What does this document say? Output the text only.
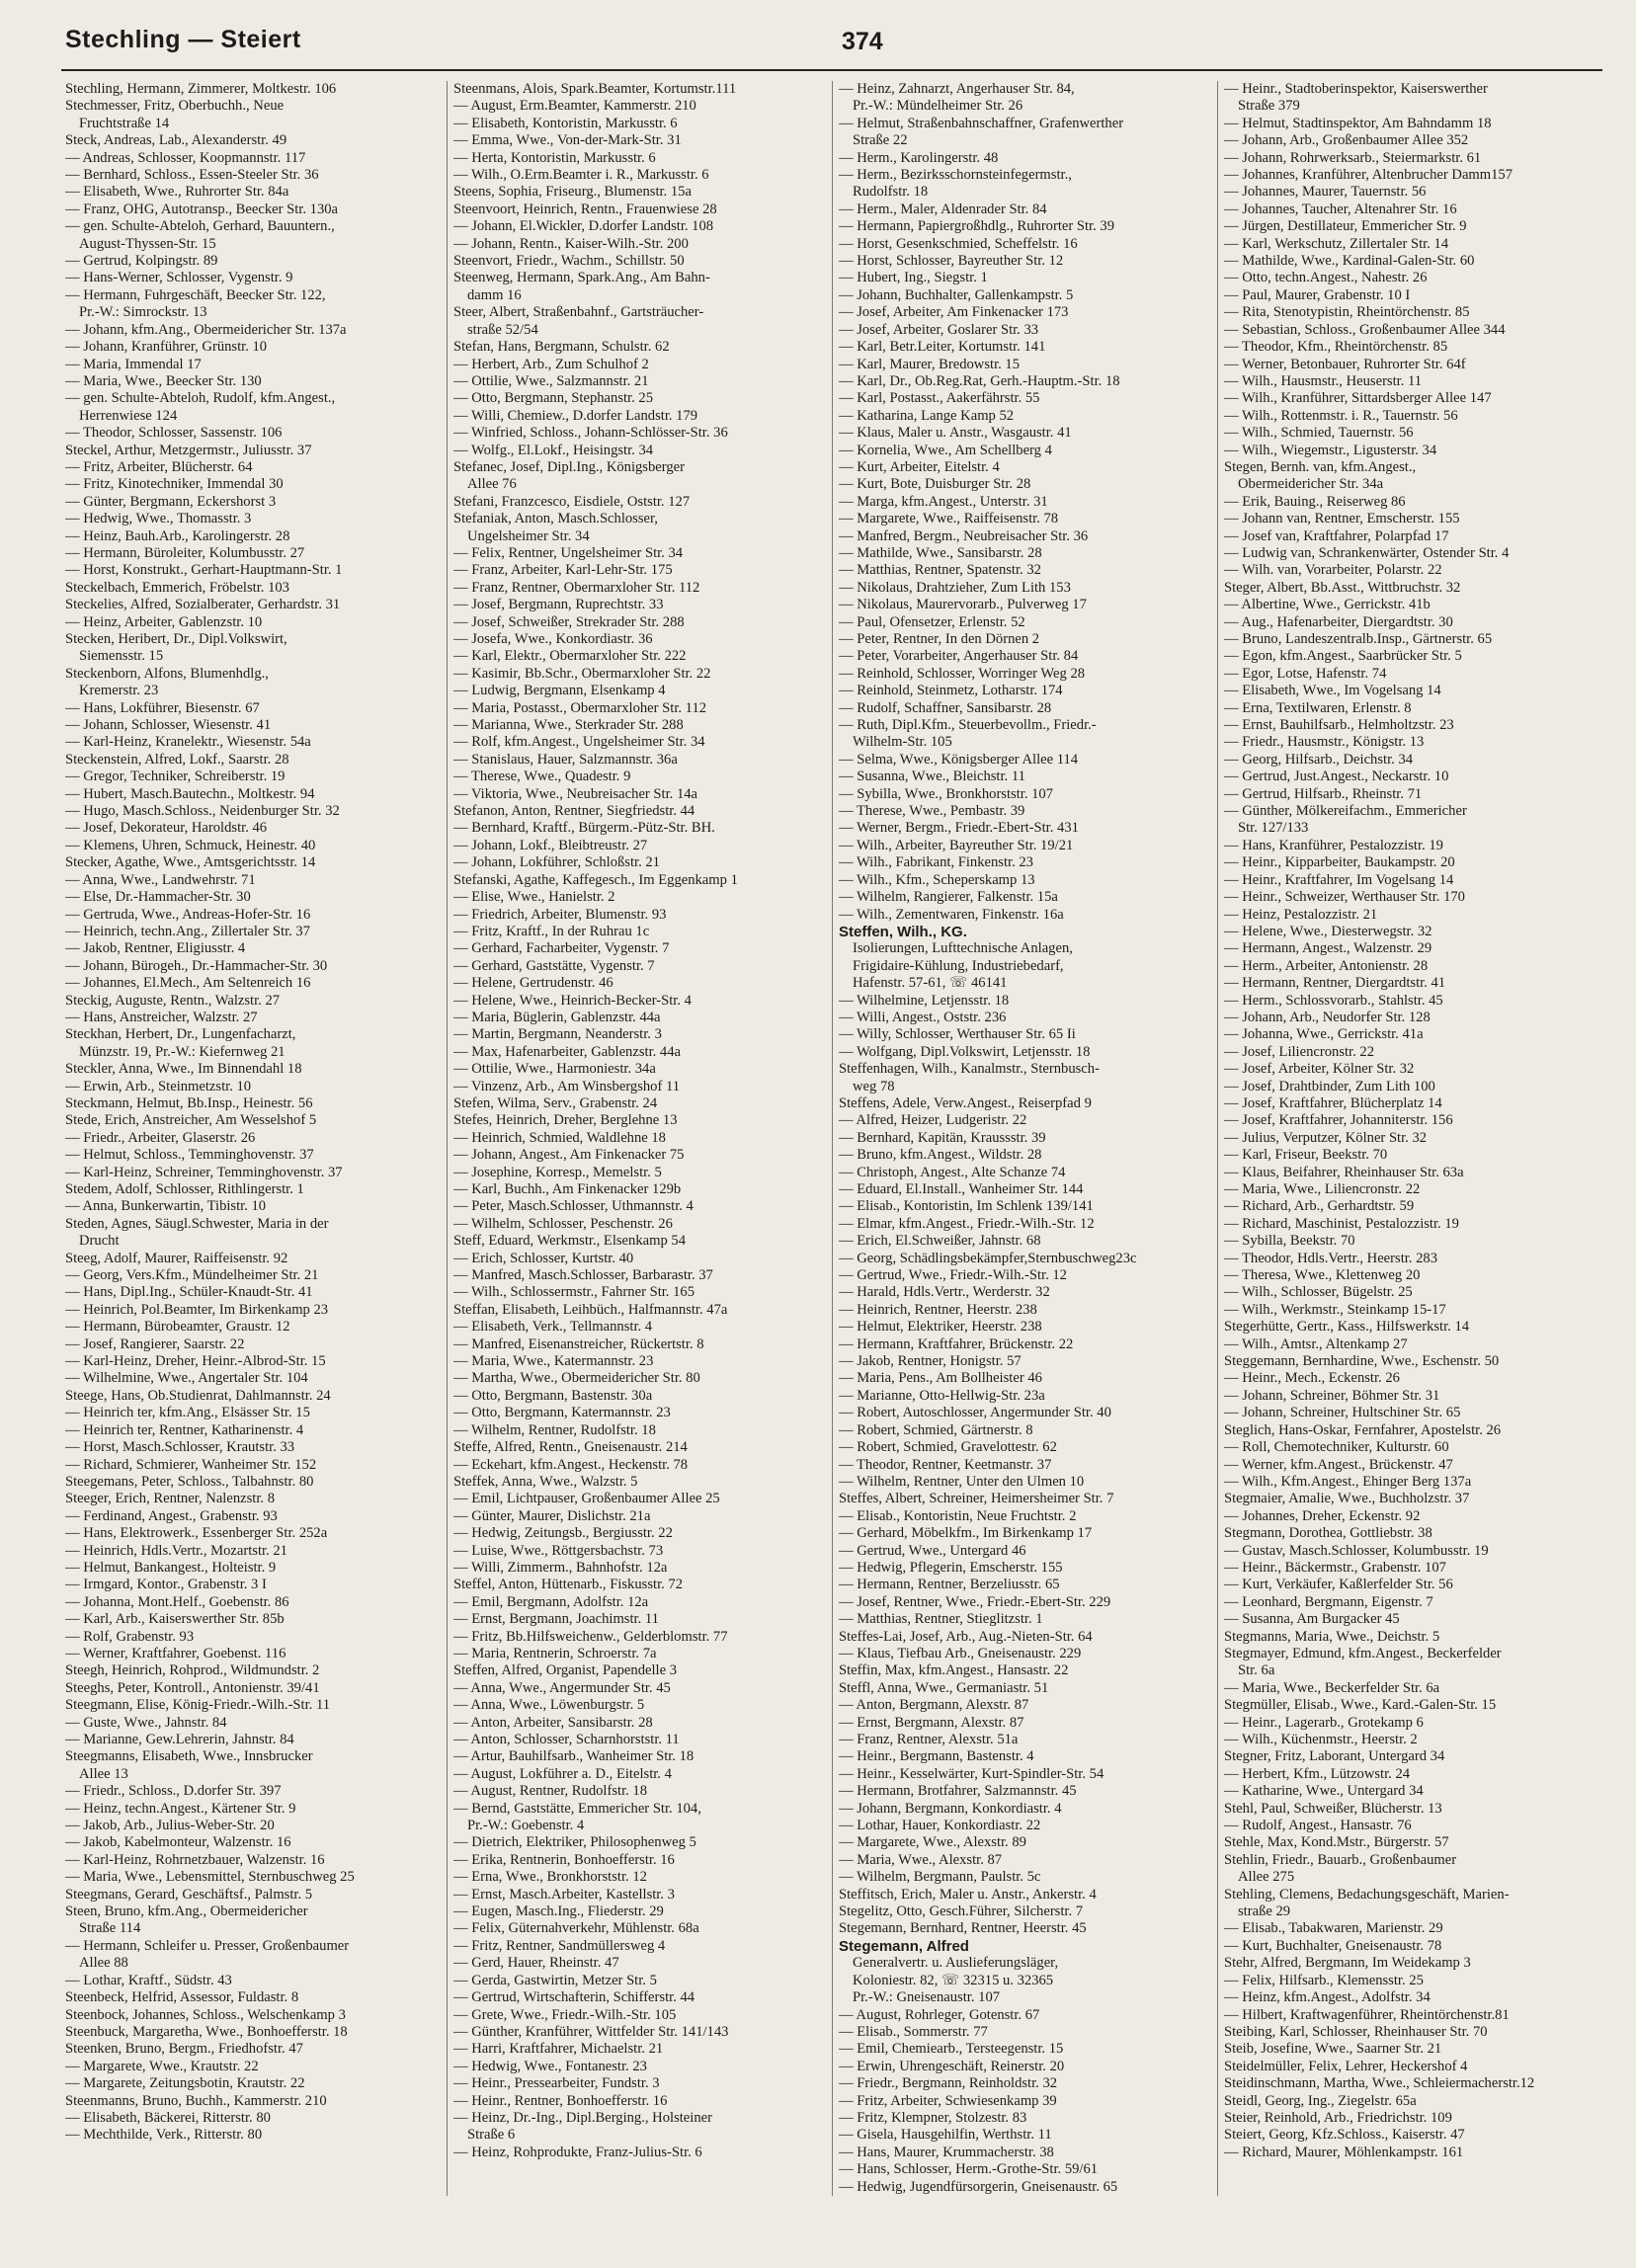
Stechling — Steiert	374
Stechling, Hermann, Zimmerer, Moltkestr. 106
Stechmesser, Fritz, Oberbuchh., Neue
Fruchtstraße 14
Steck, Andreas, Lab., Alexanderstr. 49
— Andreas, Schlosser, Koopmannstr. 117
— Bernhard, Schloss., Essen-Steeler Str. 36
— Elisabeth, Wwe., Ruhrorter Str. 84a
— Franz, OHG, Autotransp., Beecker Str. 130a
— gen. Schulte-Abteloh, Gerhard, Bauuntern.,
August-Thyssen-Str. 15
— Gertrud, Kolpingstr. 89
— Hans-Werner, Schlosser, Vygenstr. 9
— Hermann, Fuhrgeschäft, Beecker Str. 122,
Pr.-W.: Simrockstr. 13
— Johann, kfm.Ang., Obermeidericher Str. 137a
— Johann, Kranführer, Grünstr. 10
— Maria, Immendal 17
— Maria, Wwe., Beecker Str. 130
— gen. Schulte-Abteloh, Rudolf, kfm.Angest.,
Herrenwiese 124
— Theodor, Schlosser, Sassenstr. 106
Steckel, Arthur, Metzgermstr., Juliusstr. 37
— Fritz, Arbeiter, Blücherstr. 64
— Fritz, Kinotechniker, Immendal 30
— Günter, Bergmann, Eckershorst 3
— Hedwig, Wwe., Thomasstr. 3
— Heinz, Bauh.Arb., Karolingerstr. 28
— Hermann, Büroleiter, Kolumbusstr. 27
— Horst, Konstrukt., Gerhart-Hauptmann-Str. 1
Steckelbach, Emmerich, Fröbelstr. 103
Steckelies, Alfred, Sozialberater, Gerhardstr. 31
— Heinz, Arbeiter, Gablenzstr. 10
Stecken, Heribert, Dr., Dipl.Volkswirt,
Siemensstr. 15
Steckenborn, Alfons, Blumenhdlg.,
Kremerstr. 23
— Hans, Lokführer, Biesenstr. 67
— Johann, Schlosser, Wiesenstr. 41
— Karl-Heinz, Kranelektr., Wiesenstr. 54a
Steckenstein, Alfred, Lokf., Saarstr. 28
— Gregor, Techniker, Schreiberstr. 19
— Hubert, Masch.Bautechn., Moltkestr. 94
— Hugo, Masch.Schloss., Neidenburger Str. 32
— Josef, Dekorateur, Haroldstr. 46
— Klemens, Uhren, Schmuck, Heinestr. 40
Stecker, Agathe, Wwe., Amtsgerichtsstr. 14
— Anna, Wwe., Landwehrstr. 71
— Else, Dr.-Hammacher-Str. 30
— Gertruda, Wwe., Andreas-Hofer-Str. 16
— Heinrich, techn.Ang., Zillertaler Str. 37
— Jakob, Rentner, Eligiusstr. 4
— Johann, Bürogeh., Dr.-Hammacher-Str. 30
— Johannes, El.Mech., Am Seltenreich 16
Steckig, Auguste, Rentn., Walzstr. 27
— Hans, Anstreicher, Walzstr. 27
Steckhan, Herbert, Dr., Lungenfacharzt,
Münzstr. 19, Pr.-W.: Kiefernweg 21
Steckler, Anna, Wwe., Im Binnendahl 18
— Erwin, Arb., Steinmetzstr. 10
Steckmann, Helmut, Bb.Insp., Heinestr. 56
Stede, Erich, Anstreicher, Am Wesselshof 5
— Friedr., Arbeiter, Glaserstr. 26
— Helmut, Schloss., Temminghovenstr. 37
— Karl-Heinz, Schreiner, Temminghovenstr. 37
Stedem, Adolf, Schlosser, Rithlingerstr. 1
— Anna, Bunkerwartin, Tibistr. 10
Steden, Agnes, Säugl.Schwester, Maria in der
Drucht
Steeg, Adolf, Maurer, Raiffeisenstr. 92
— Georg, Vers.Kfm., Mündelheimer Str. 21
— Hans, Dipl.Ing., Schüler-Knaudt-Str. 41
— Heinrich, Pol.Beamter, Im Birkenkamp 23
— Hermann, Bürobeamter, Graustr. 12
— Josef, Rangierer, Saarstr. 22
— Karl-Heinz, Dreher, Heinr.-Albrod-Str. 15
— Wilhelmine, Wwe., Angertaler Str. 104
Steege, Hans, Ob.Studienrat, Dahlmannstr. 24
— Heinrich ter, kfm.Ang., Elsässer Str. 15
— Heinrich ter, Rentner, Katharinenstr. 4
— Horst, Masch.Schlosser, Krautstr. 33
— Richard, Schmierer, Wanheimer Str. 152
Steegemans, Peter, Schloss., Talbahnstr. 80
Steeger, Erich, Rentner, Nalenzstr. 8
— Ferdinand, Angest., Grabenstr. 93
— Hans, Elektrowerk., Essenberger Str. 252a
— Heinrich, Hdls.Vertr., Mozartstr. 21
— Helmut, Bankangest., Holteistr. 9
— Irmgard, Kontor., Grabenstr. 3 I
— Johanna, Mont.Helf., Goebenstr. 86
— Karl, Arb., Kaiserswerther Str. 85b
— Rolf, Grabenstr. 93
— Werner, Kraftfahrer, Goebenst. 116
Steegh, Heinrich, Rohprod., Wildmundstr. 2
Steeghs, Peter, Kontroll., Antonienstr. 39/41
Steegmann, Elise, König-Friedr.-Wilh.-Str. 11
— Guste, Wwe., Jahnstr. 84
— Marianne, Gew.Lehrerin, Jahnstr. 84
Steegmanns, Elisabeth, Wwe., Innsbrucker
Allee 13
— Friedr., Schloss., D.dorfer Str. 397
— Heinz, techn.Angest., Kärtener Str. 9
— Jakob, Arb., Julius-Weber-Str. 20
— Jakob, Kabelmonteur, Walzenstr. 16
— Karl-Heinz, Rohrnetzbauer, Walzenstr. 16
— Maria, Wwe., Lebensmittel, Sternbuschweg 25
Steegmans, Gerard, Geschäftsf., Palmstr. 5
Steen, Bruno, kfm.Ang., Obermeidericher
Straße 114
— Hermann, Schleifer u. Presser, Großenbaumer
Allee 88
— Lothar, Kraftf., Südstr. 43
Steenbeck, Helfrid, Assessor, Fuldastr. 8
Steenbock, Johannes, Schloss., Welschenkamp 3
Steenbuck, Margaretha, Wwe., Bonhoefferstr. 18
Steenken, Bruno, Bergm., Friedhofstr. 47
— Margarete, Wwe., Krautstr. 22
— Margarete, Zeitungsbotin, Krautstr. 22
Steenmanns, Bruno, Buchh., Kammerstr. 210
— Elisabeth, Bäckerei, Ritterstr. 80
— Mechthilde, Verk., Ritterstr. 80
Steenmans, Alois, Spark.Beamter, Kortumstr.111
— August, Erm.Beamter, Kammerstr. 210
— Elisabeth, Kontoristin, Markusstr. 6
— Emma, Wwe., Von-der-Mark-Str. 31
— Herta, Kontoristin, Markusstr. 6
— Wilh., O.Erm.Beamter i. R., Markusstr. 6
Steens, Sophia, Friseurg., Blumenstr. 15a
Steenvoort, Heinrich, Rentn., Frauenwiese 28
— Johann, El.Wickler, D.dorfer Landstr. 108
— Johann, Rentn., Kaiser-Wilh.-Str. 200
Steenvort, Friedr., Wachm., Schillstr. 50
Steenweg, Hermann, Spark.Ang., Am Bahn-
damm 16
Steer, Albert, Straßenbahnf., Gartsträucher-
straße 52/54
Stefan, Hans, Bergmann, Schulstr. 62
— Herbert, Arb., Zum Schulhof 2
— Ottilie, Wwe., Salzmannstr. 21
— Otto, Bergmann, Stephanstr. 25
— Willi, Chemiew., D.dorfer Landstr. 179
— Winfried, Schloss., Johann-Schlösser-Str. 36
— Wolfg., El.Lokf., Heisingstr. 34
Stefanec, Josef, Dipl.Ing., Königsberger
Allee 76
Stefani, Franzcesco, Eisdiele, Oststr. 127
Stefaniak, Anton, Masch.Schlosser,
Ungelsheimer Str. 34
— Felix, Rentner, Ungelsheimer Str. 34
— Franz, Arbeiter, Karl-Lehr-Str. 175
— Franz, Rentner, Obermarxloher Str. 112
— Josef, Bergmann, Ruprechtstr. 33
— Josef, Schweißer, Strekrader Str. 288
— Josefa, Wwe., Konkordiastr. 36
— Karl, Elektr., Obermarxloher Str. 222
— Kasimir, Bb.Schr., Obermarxloher Str. 22
— Ludwig, Bergmann, Elsenkamp 4
— Maria, Postasst., Obermarxloher Str. 112
— Marianna, Wwe., Sterkrader Str. 288
— Rolf, kfm.Angest., Ungelsheimer Str. 34
— Stanislaus, Hauer, Salzmannstr. 36a
— Therese, Wwe., Quadestr. 9
— Viktoria, Wwe., Neubreisacher Str. 14a
Stefanon, Anton, Rentner, Siegfriedstr. 44
— Bernhard, Kraftf., Bürgerm.-Pütz-Str. BH.
— Johann, Lokf., Bleibtreustr. 27
— Johann, Lokführer, Schloßstr. 21
Stefanski, Agathe, Kaffegesch., Im Eggenkamp 1
— Elise, Wwe., Hanielstr. 2
— Friedrich, Arbeiter, Blumenstr. 93
— Fritz, Kraftf., In der Ruhrau 1c
— Gerhard, Facharbeiter, Vygenstr. 7
— Gerhard, Gaststätte, Vygenstr. 7
— Helene, Gertrudenstr. 46
— Helene, Wwe., Heinrich-Becker-Str. 4
— Maria, Büglerin, Gablenzstr. 44a
— Martin, Bergmann, Neanderstr. 3
— Max, Hafenarbeiter, Gablenzstr. 44a
— Ottilie, Wwe., Harmoniestr. 34a
— Vinzenz, Arb., Am Winsbergshof 11
Stefen, Wilma, Serv., Grabenstr. 24
Stefes, Heinrich, Dreher, Berglehne 13
— Heinrich, Schmied, Waldlehne 18
— Johann, Angest., Am Finkenacker 75
— Josephine, Korresp., Memelstr. 5
— Karl, Buchh., Am Finkenacker 129b
— Peter, Masch.Schlosser, Uthmannstr. 4
— Wilhelm, Schlosser, Peschenstr. 26
Steff, Eduard, Werkmstr., Elsenkamp 54
— Erich, Schlosser, Kurtstr. 40
— Manfred, Masch.Schlosser, Barbarastr. 37
— Wilh., Schlossermstr., Fahrner Str. 165
Steffan, Elisabeth, Leihbüch., Halfmannstr. 47a
— Elisabeth, Verk., Tellmannstr. 4
— Manfred, Eisenanstreicher, Rückertstr. 8
— Maria, Wwe., Katermannstr. 23
— Martha, Wwe., Obermeidericher Str. 80
— Otto, Bergmann, Bastenstr. 30a
— Otto, Bergmann, Katermannstr. 23
— Wilhelm, Rentner, Rudolfstr. 18
Steffe, Alfred, Rentn., Gneisenaustr. 214
— Eckehart, kfm.Angest., Heckenstr. 78
Steffek, Anna, Wwe., Walzstr. 5
— Emil, Lichtpauser, Großenbaumer Allee 25
— Günter, Maurer, Dislichstr. 21a
— Hedwig, Zeitungsb., Bergiusstr. 22
— Luise, Wwe., Röttgersbachstr. 73
— Willi, Zimmerm., Bahnhofstr. 12a
Steffel, Anton, Hüttenarb., Fiskusstr. 72
— Emil, Bergmann, Adolfstr. 12a
— Ernst, Bergmann, Joachimstr. 11
— Fritz, Bb.Hilfsweichenw., Gelderblomstr. 77
— Maria, Rentnerin, Schroerstr. 7a
Steffen, Alfred, Organist, Papendelle 3
— Anna, Wwe., Angermunder Str. 45
— Anna, Wwe., Löwenburgstr. 5
— Anton, Arbeiter, Sansibarstr. 28
— Anton, Schlosser, Scharnhorststr. 11
— Artur, Bauhilfsarb., Wanheimer Str. 18
— August, Lokführer a. D., Eitelstr. 4
— August, Rentner, Rudolfstr. 18
— Bernd, Gaststätte, Emmericher Str. 104,
Pr.-W.: Goebenstr. 4
— Dietrich, Elektriker, Philosophenweg 5
— Erika, Rentnerin, Bonhoefferstr. 16
— Erna, Wwe., Bronkhorststr. 12
— Ernst, Masch.Arbeiter, Kastellstr. 3
— Eugen, Masch.Ing., Fliederstr. 29
— Felix, Güternahverkehr, Mühlenstr. 68a
— Fritz, Rentner, Sandmüllersweg 4
— Gerd, Hauer, Rheinstr. 47
— Gerda, Gastwirtin, Metzer Str. 5
— Gertrud, Wirtschafterin, Schifferstr. 44
— Grete, Wwe., Friedr.-Wilh.-Str. 105
— Günther, Kranführer, Wittfelder Str. 141/143
— Harri, Kraftfahrer, Michaelstr. 21
— Hedwig, Wwe., Fontanestr. 23
— Heinr., Pressearbeiter, Fundstr. 3
— Heinr., Rentner, Bonhoefferstr. 16
— Heinz, Dr.-Ing., Dipl.Berging., Holsteiner
Straße 6
— Heinz, Rohprodukte, Franz-Julius-Str. 6
— Heinz, Zahnarzt, Angerhauser Str. 84,
Pr.-W.: Mündelheimer Str. 26
— Helmut, Straßenbahnschaffner, Grafenwerther
Straße 22
— Herm., Karolingerstr. 48
— Herm., Bezirksschornsteinfegermstr.,
Rudolfstr. 18
— Herm., Maler, Aldenrader Str. 84
— Hermann, Papiergroßhdlg., Ruhrorter Str. 39
— Horst, Gesenkschmied, Scheffelstr. 16
— Horst, Schlosser, Bayreuther Str. 12
— Hubert, Ing., Siegstr. 1
— Johann, Buchhalter, Gallenkampstr. 5
— Josef, Arbeiter, Am Finkenacker 173
— Josef, Arbeiter, Goslarer Str. 33
— Karl, Betr.Leiter, Kortumstr. 141
— Karl, Maurer, Bredowstr. 15
— Karl, Dr., Ob.Reg.Rat, Gerh.-Hauptm.-Str. 18
— Karl, Postasst., Aakerfährstr. 55
— Katharina, Lange Kamp 52
— Klaus, Maler u. Anstr., Wasgaustr. 41
— Kornelia, Wwe., Am Schellberg 4
— Kurt, Arbeiter, Eitelstr. 4
— Kurt, Bote, Duisburger Str. 28
— Marga, kfm.Angest., Unterstr. 31
— Margarete, Wwe., Raiffeisenstr. 78
— Manfred, Bergm., Neubreisacher Str. 36
— Mathilde, Wwe., Sansibarstr. 28
— Matthias, Rentner, Spatenstr. 32
— Nikolaus, Drahtzieher, Zum Lith 153
— Nikolaus, Maurervorarb., Pulverweg 17
— Paul, Ofensetzer, Erlenstr. 52
— Peter, Rentner, In den Dörnen 2
— Peter, Vorarbeiter, Angerhauser Str. 84
— Reinhold, Schlosser, Worringer Weg 28
— Reinhold, Steinmetz, Lotharstr. 174
— Rudolf, Schaffner, Sansibarstr. 28
— Ruth, Dipl.Kfm., Steuerbevollm., Friedr.-
Wilhelm-Str. 105
— Selma, Wwe., Königsberger Allee 114
— Susanna, Wwe., Bleichstr. 11
— Sybilla, Wwe., Bronkhorststr. 107
— Therese, Wwe., Pembastr. 39
— Werner, Bergm., Friedr.-Ebert-Str. 431
— Wilh., Arbeiter, Bayreuther Str. 19/21
— Wilh., Fabrikant, Finkenstr. 23
— Wilh., Kfm., Scheperskamp 13
— Wilhelm, Rangierer, Falkenstr. 15a
— Wilh., Zementwaren, Finkenstr. 16a
Steffen, Wilh., KG.
Isolierungen, Lufttechnische Anlagen,
Frigidaire-Kühlung, Industriebedarf,
Hafenstr. 57-61, ☏ 46141
— Wilhelmine, Letjensstr. 18
— Willi, Angest., Oststr. 236
— Willy, Schlosser, Werthauser Str. 65 Ii
— Wolfgang, Dipl.Volkswirt, Letjensstr. 18
Steffenhagen, Wilh., Kanalmstr., Sternbusch-
weg 78
Steffens, Adele, Verw.Angest., Reiserpfad 9
— Alfred, Heizer, Ludgeristr. 22
— Bernhard, Kapitän, Kraussstr. 39
— Bruno, kfm.Angest., Wildstr. 28
— Christoph, Angest., Alte Schanze 74
— Eduard, El.Install., Wanheimer Str. 144
— Elisab., Kontoristin, Im Schlenk 139/141
— Elmar, kfm.Angest., Friedr.-Wilh.-Str. 12
— Erich, El.Schweißer, Jahnstr. 68
— Georg, Schädlingsbekämpfer,Sternbuschweg23c
— Gertrud, Wwe., Friedr.-Wilh.-Str. 12
— Harald, Hdls.Vertr., Werderstr. 32
— Heinrich, Rentner, Heerstr. 238
— Helmut, Elektriker, Heerstr. 238
— Hermann, Kraftfahrer, Brückenstr. 22
— Jakob, Rentner, Honigstr. 57
— Maria, Pens., Am Bollheister 46
— Marianne, Otto-Hellwig-Str. 23a
— Robert, Autoschlosser, Angermunder Str. 40
— Robert, Schmied, Gärtnerstr. 8
— Robert, Schmied, Gravelottestr. 62
— Theodor, Rentner, Keetmanstr. 37
— Wilhelm, Rentner, Unter den Ulmen 10
Steffes, Albert, Schreiner, Heimersheimer Str. 7
— Elisab., Kontoristin, Neue Fruchtstr. 2
— Gerhard, Möbelkfm., Im Birkenkamp 17
— Gertrud, Wwe., Untergard 46
— Hedwig, Pflegerin, Emscherstr. 155
— Hermann, Rentner, Berzeliusstr. 65
— Josef, Rentner, Wwe., Friedr.-Ebert-Str. 229
— Matthias, Rentner, Stieglitzstr. 1
Steffes-Lai, Josef, Arb., Aug.-Nieten-Str. 64
— Klaus, Tiefbau Arb., Gneisenaustr. 229
Steffin, Max, kfm.Angest., Hansastr. 22
Steffl, Anna, Wwe., Germaniastr. 51
— Anton, Bergmann, Alexstr. 87
— Ernst, Bergmann, Alexstr. 87
— Franz, Rentner, Alexstr. 51a
— Heinr., Bergmann, Bastenstr. 4
— Heinr., Kesselwärter, Kurt-Spindler-Str. 54
— Hermann, Brotfahrer, Salzmannstr. 45
— Johann, Bergmann, Konkordiastr. 4
— Lothar, Hauer, Konkordiastr. 22
— Margarete, Wwe., Alexstr. 89
— Maria, Wwe., Alexstr. 87
— Wilhelm, Bergmann, Paulstr. 5c
Steffitsch, Erich, Maler u. Anstr., Ankerstr. 4
Stegelitz, Otto, Gesch.Führer, Silcherstr. 7
Stegemann, Bernhard, Rentner, Heerstr. 45
Stegemann, Alfred
Generalvertr. u. Auslieferungsläger,
Koloniestr. 82, ☏ 32315 u. 32365
Pr.-W.: Gneisenaustr. 107
— August, Rohrleger, Gotenstr. 67
— Elisab., Sommerstr. 77
— Emil, Chemiearb., Tersteegenstr. 15
— Erwin, Uhrengeschäft, Reinerstr. 20
— Friedr., Bergmann, Reinholdstr. 32
— Fritz, Arbeiter, Schwiesenkamp 39
— Fritz, Klempner, Stolzestr. 83
— Gisela, Hausgehilfin, Werthstr. 11
— Hans, Maurer, Krummacherstr. 38
— Hans, Schlosser, Herm.-Grothe-Str. 59/61
— Hedwig, Jugendfürsorgerin, Gneisenaustr. 65
— Heinr., Stadtoberinspektor, Kaiserswerther
Straße 379
— Helmut, Stadtinspektor, Am Bahndamm 18
— Johann, Arb., Großenbaumer Allee 352
— Johann, Rohrwerksarb., Steiermarkstr. 61
— Johannes, Kranführer, Altenbrucher Damm157
— Johannes, Maurer, Tauernstr. 56
— Johannes, Taucher, Altenahrer Str. 16
— Jürgen, Destillateur, Emmericher Str. 9
— Karl, Werkschutz, Zillertaler Str. 14
— Mathilde, Wwe., Kardinal-Galen-Str. 60
— Otto, techn.Angest., Nahestr. 26
— Paul, Maurer, Grabenstr. 10 I
— Rita, Stenotypistin, Rheintörchenstr. 85
— Sebastian, Schloss., Großenbaumer Allee 344
— Theodor, Kfm., Rheintörchenstr. 85
— Werner, Betonbauer, Ruhrorter Str. 64f
— Wilh., Hausmstr., Heuserstr. 11
— Wilh., Kranführer, Sittardsberger Allee 147
— Wilh., Rottenmstr. i. R., Tauernstr. 56
— Wilh., Schmied, Tauernstr. 56
— Wilh., Wiegemstr., Ligusterstr. 34
Stegen, Bernh. van, kfm.Angest.,
Obermeidericher Str. 34a
— Erik, Bauing., Reiserweg 86
— Johann van, Rentner, Emscherstr. 155
— Josef van, Kraftfahrer, Polarpfad 17
— Ludwig van, Schrankenwärter, Ostender Str. 4
— Wilh. van, Vorarbeiter, Polarstr. 22
Steger, Albert, Bb.Asst., Wittbruchstr. 32
— Albertine, Wwe., Gerrickstr. 41b
— Aug., Hafenarbeiter, Diergardtstr. 30
— Bruno, Landeszentralb.Insp., Gärtnerstr. 65
— Egon, kfm.Angest., Saarbrücker Str. 5
— Egor, Lotse, Hafenstr. 74
— Elisabeth, Wwe., Im Vogelsang 14
— Erna, Textilwaren, Erlenstr. 8
— Ernst, Bauhilfsarb., Helmholtzstr. 23
— Friedr., Hausmstr., Königstr. 13
— Georg, Hilfsarb., Deichstr. 34
— Gertrud, Just.Angest., Neckarstr. 10
— Gertrud, Hilfsarb., Rheinstr. 71
— Günther, Mölkereifachm., Emmericher
Str. 127/133
— Hans, Kranführer, Pestalozzistr. 19
— Heinr., Kipparbeiter, Baukampstr. 20
— Heinr., Kraftfahrer, Im Vogelsang 14
— Heinr., Schweizer, Werthauser Str. 170
— Heinz, Pestalozzistr. 21
— Helene, Wwe., Diesterwegstr. 32
— Hermann, Angest., Walzenstr. 29
— Herm., Arbeiter, Antonienstr. 28
— Hermann, Rentner, Diergardtstr. 41
— Herm., Schlossvorarb., Stahlstr. 45
— Johann, Arb., Neudorfer Str. 128
— Johanna, Wwe., Gerrickstr. 41a
— Josef, Liliencronstr. 22
— Josef, Arbeiter, Kölner Str. 32
— Josef, Drahtbinder, Zum Lith 100
— Josef, Kraftfahrer, Blücherplatz 14
— Josef, Kraftfahrer, Johanniterstr. 156
— Julius, Verputzer, Kölner Str. 32
— Karl, Friseur, Beekstr. 70
— Klaus, Beifahrer, Rheinhauser Str. 63a
— Maria, Wwe., Liliencronstr. 22
— Richard, Arb., Gerhardtstr. 59
— Richard, Maschinist, Pestalozzistr. 19
— Sybilla, Beekstr. 70
— Theodor, Hdls.Vertr., Heerstr. 283
— Theresa, Wwe., Klettenweg 20
— Wilh., Schlosser, Bügelstr. 25
— Wilh., Werkmstr., Steinkamp 15-17
Stegerhütte, Gertr., Kass., Hilfswerkstr. 14
— Wilh., Amtsr., Altenkamp 27
Steggemann, Bernhardine, Wwe., Eschenstr. 50
— Heinr., Mech., Eckenstr. 26
— Johann, Schreiner, Böhmer Str. 31
— Johann, Schreiner, Hultschiner Str. 65
Steglich, Hans-Oskar, Fernfahrer, Apostelstr. 26
— Roll, Chemotechniker, Kulturstr. 60
— Werner, kfm.Angest., Brückenstr. 47
— Wilh., Kfm.Angest., Ehinger Berg 137a
Stegmaier, Amalie, Wwe., Buchholzstr. 37
— Johannes, Dreher, Eckenstr. 92
Stegmann, Dorothea, Gottliebstr. 38
— Gustav, Masch.Schlosser, Kolumbusstr. 19
— Heinr., Bäckermstr., Grabenstr. 107
— Kurt, Verkäufer, Kaßlerfelder Str. 56
— Leonhard, Bergmann, Eigenstr. 7
— Susanna, Am Burgacker 45
Stegmanns, Maria, Wwe., Deichstr. 5
Stegmayer, Edmund, kfm.Angest., Beckerfelder
Str. 6a
— Maria, Wwe., Beckerfelder Str. 6a
Stegmüller, Elisab., Wwe., Kard.-Galen-Str. 15
— Heinr., Lagerarb., Grotekamp 6
— Wilh., Küchenmstr., Heerstr. 2
Stegner, Fritz, Laborant, Untergard 34
— Herbert, Kfm., Lützowstr. 24
— Katharine, Wwe., Untergard 34
Stehl, Paul, Schweißer, Blücherstr. 13
— Rudolf, Angest., Hansastr. 76
Stehle, Max, Kond.Mstr., Bürgerstr. 57
Stehlin, Friedr., Bauarb., Großenbaumer
Allee 275
Stehling, Clemens, Bedachungsgeschäft, Marien-
straße 29
— Elisab., Tabakwaren, Marienstr. 29
— Kurt, Buchhalter, Gneisenaustr. 78
Stehr, Alfred, Bergmann, Im Weidekamp 3
— Felix, Hilfsarb., Klemensstr. 25
— Heinz, kfm.Angest., Adolfstr. 34
— Hilbert, Kraftwagenführer, Rheintörchenstr.81
Steibing, Karl, Schlosser, Rheinhauser Str. 70
Steib, Josefine, Wwe., Saarner Str. 21
Steidelmüller, Felix, Lehrer, Heckershof 4
Steidinschmann, Martha, Wwe., Schleiermacherstr.12
Steidl, Georg, Ing., Ziegelstr. 65a
Steier, Reinhold, Arb., Friedrichstr. 109
Steiert, Georg, Kfz.Schloss., Kaiserstr. 47
— Richard, Maurer, Möhlenkampstr. 161
